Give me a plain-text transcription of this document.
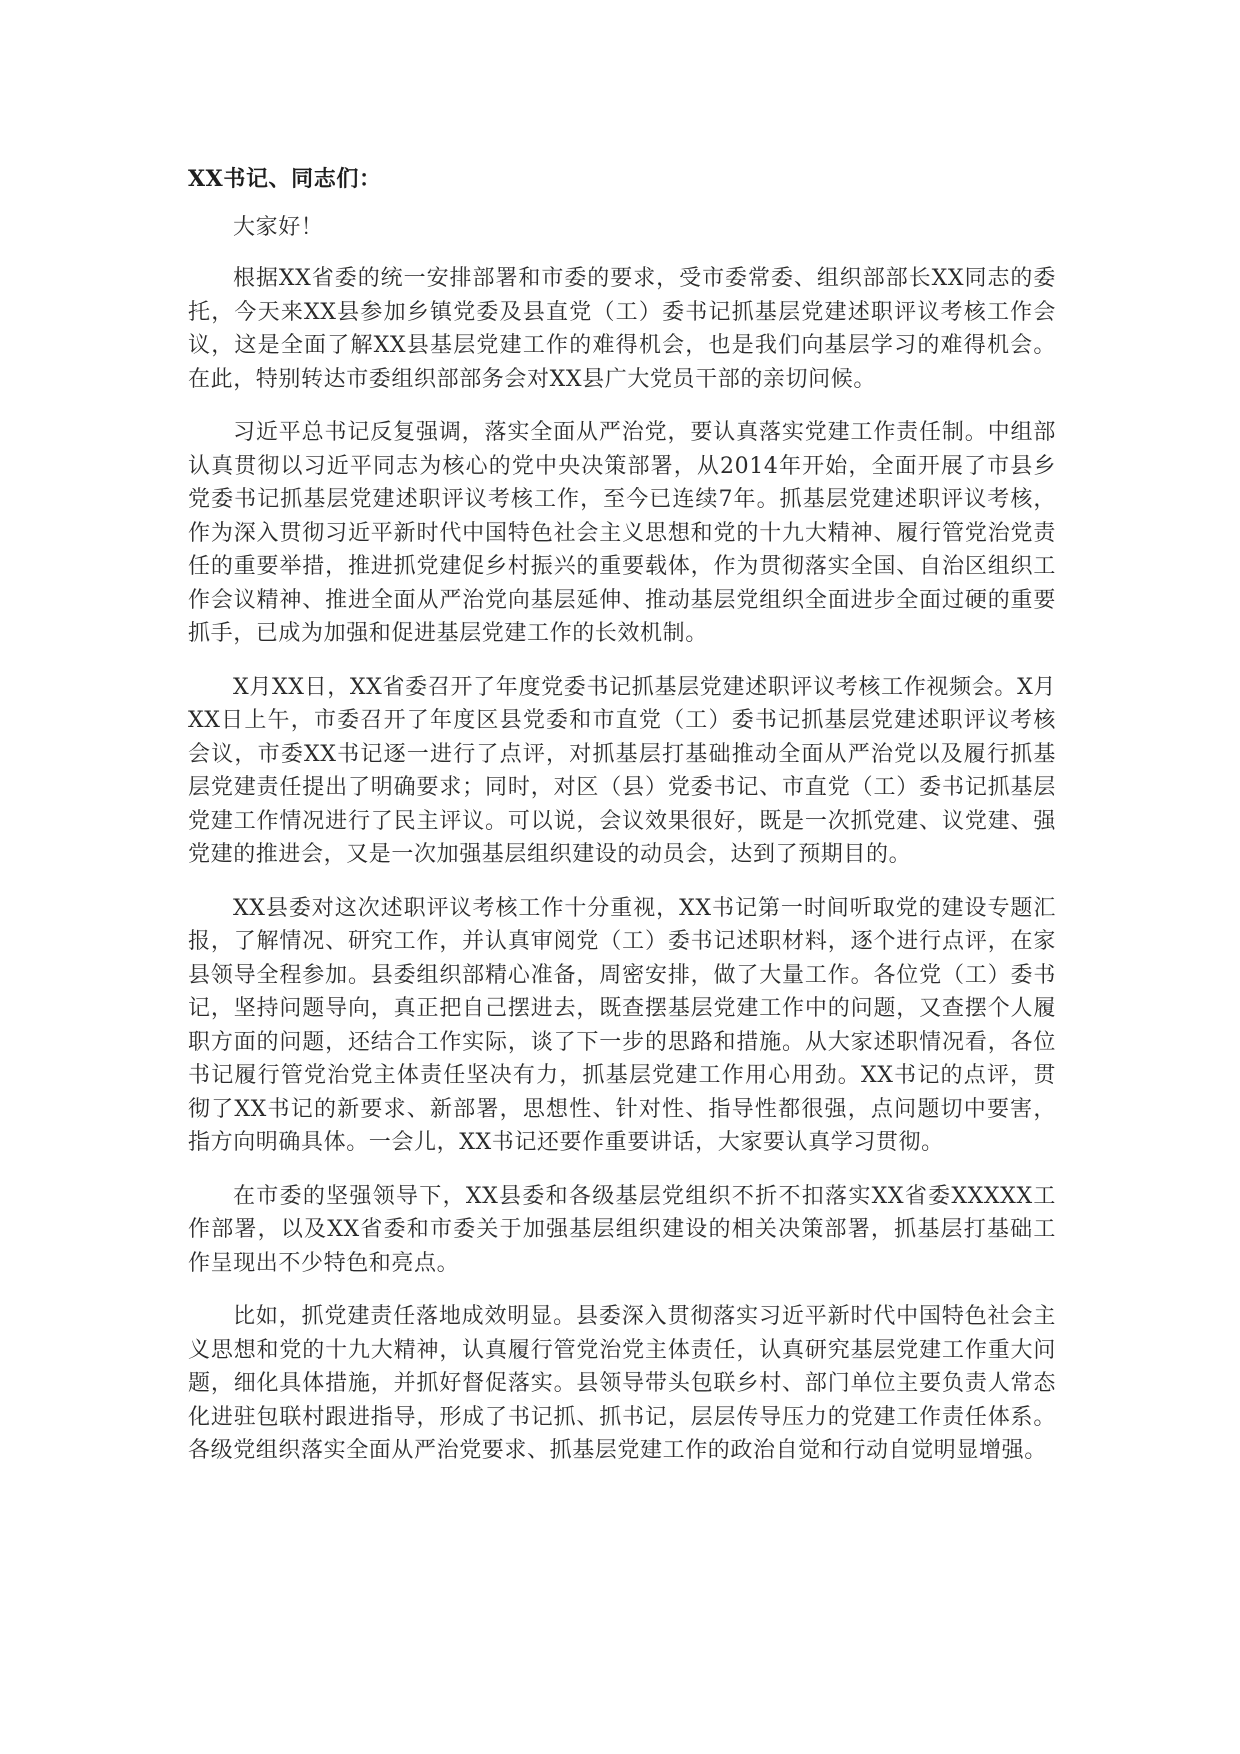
XX书记、同志们：

大家好！

根据XX省委的统一安排部署和市委的要求，受市委常委、组织部部长XX同志的委托，今天来XX县参加乡镇党委及县直党（工）委书记抓基层党建述职评议考核工作会议，这是全面了解XX县基层党建工作的难得机会，也是我们向基层学习的难得机会。在此，特别转达市委组织部部务会对XX县广大党员干部的亲切问候。

习近平总书记反复强调，落实全面从严治党，要认真落实党建工作责任制。中组部认真贯彻以习近平同志为核心的党中央决策部署，从2014年开始，全面开展了市县乡党委书记抓基层党建述职评议考核工作，至今已连续7年。抓基层党建述职评议考核，作为深入贯彻习近平新时代中国特色社会主义思想和党的十九大精神、履行管党治党责任的重要举措，推进抓党建促乡村振兴的重要载体，作为贯彻落实全国、自治区组织工作会议精神、推进全面从严治党向基层延伸、推动基层党组织全面进步全面过硬的重要抓手，已成为加强和促进基层党建工作的长效机制。

X月XX日，XX省委召开了年度党委书记抓基层党建述职评议考核工作视频会。X月XX日上午，市委召开了年度区县党委和市直党（工）委书记抓基层党建述职评议考核会议，市委XX书记逐一进行了点评，对抓基层打基础推动全面从严治党以及履行抓基层党建责任提出了明确要求；同时，对区（县）党委书记、市直党（工）委书记抓基层党建工作情况进行了民主评议。可以说，会议效果很好，既是一次抓党建、议党建、强党建的推进会，又是一次加强基层组织建设的动员会，达到了预期目的。

XX县委对这次述职评议考核工作十分重视，XX书记第一时间听取党的建设专题汇报，了解情况、研究工作，并认真审阅党（工）委书记述职材料，逐个进行点评，在家县领导全程参加。县委组织部精心准备，周密安排，做了大量工作。各位党（工）委书记，坚持问题导向，真正把自己摆进去，既查摆基层党建工作中的问题，又查摆个人履职方面的问题，还结合工作实际，谈了下一步的思路和措施。从大家述职情况看，各位书记履行管党治党主体责任坚决有力，抓基层党建工作用心用劲。XX书记的点评，贯彻了XX书记的新要求、新部署，思想性、针对性、指导性都很强，点问题切中要害，指方向明确具体。一会儿，XX书记还要作重要讲话，大家要认真学习贯彻。

在市委的坚强领导下，XX县委和各级基层党组织不折不扣落实XX省委XXXXX工作部署，以及XX省委和市委关于加强基层组织建设的相关决策部署，抓基层打基础工作呈现出不少特色和亮点。

比如，抓党建责任落地成效明显。县委深入贯彻落实习近平新时代中国特色社会主义思想和党的十九大精神，认真履行管党治党主体责任，认真研究基层党建工作重大问题，细化具体措施，并抓好督促落实。县领导带头包联乡村、部门单位主要负责人常态化进驻包联村跟进指导，形成了书记抓、抓书记，层层传导压力的党建工作责任体系。各级党组织落实全面从严治党要求、抓基层党建工作的政治自觉和行动自觉明显增强。
